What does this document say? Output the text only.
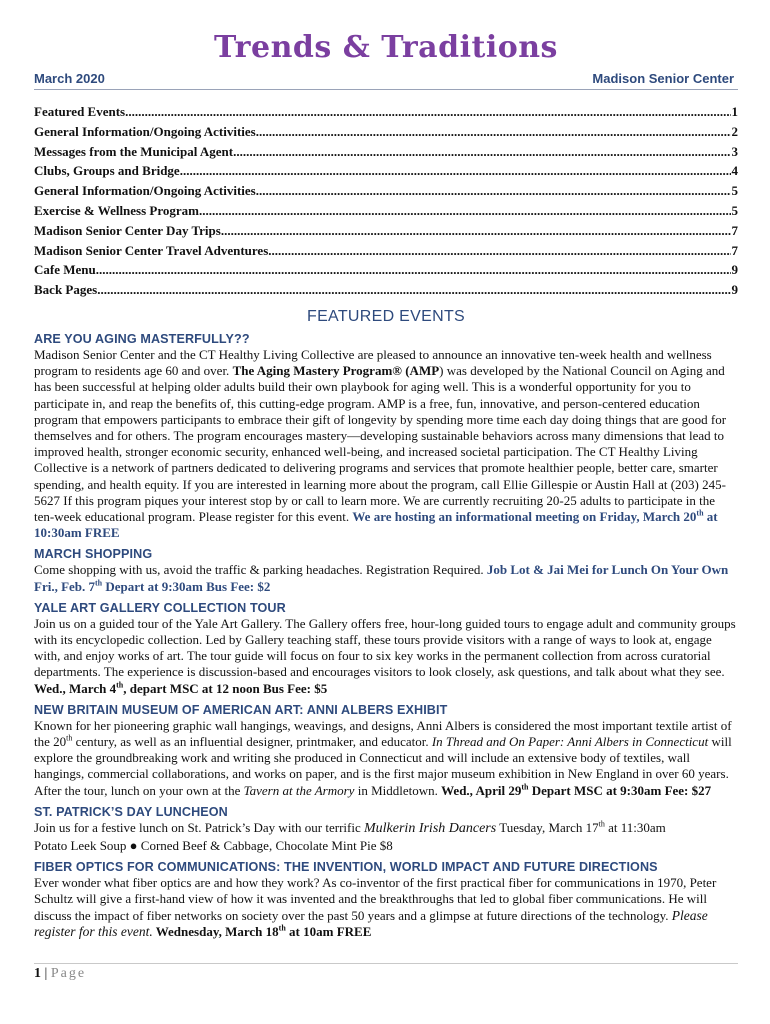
Trends & Traditions
March 2020	Madison Senior Center
Featured Events .....	1
General Information/Ongoing Activities .....	2
Messages from the Municipal Agent .....	3
Clubs, Groups and Bridge .....	4
General Information/Ongoing Activities .....	5
Exercise & Wellness Program .....	5
Madison Senior Center Day Trips .....	7
Madison Senior Center Travel Adventures .....	7
Cafe Menu .....	9
Back Pages .....	9
FEATURED EVENTS
ARE YOU AGING MASTERFULLY??
Madison Senior Center and the CT Healthy Living Collective are pleased to announce an innovative ten-week health and wellness program to residents age 60 and over. The Aging Mastery Program® (AMP) was developed by the National Council on Aging and has been successful at helping older adults build their own playbook for aging well. This is a wonderful opportunity for you to participate in, and reap the benefits of, this cutting-edge program. AMP is a free, fun, innovative, and person-centered education program that empowers participants to embrace their gift of longevity by spending more time each day doing things that are good for themselves and for others. The program encourages mastery—developing sustainable behaviors across many dimensions that lead to improved health, stronger economic security, enhanced well-being, and increased societal participation. The CT Healthy Living Collective is a network of partners dedicated to delivering programs and services that promote healthier people, better care, smarter spending, and health equity. If you are interested in learning more about the program, call Ellie Gillespie or Austin Hall at (203) 245-5627 If this program piques your interest stop by or call to learn more. We are currently recruiting 20-25 adults to participate in the ten-week educational program. Please register for this event. We are hosting an informational meeting on Friday, March 20th at 10:30am FREE
MARCH SHOPPING
Come shopping with us, avoid the traffic & parking headaches. Registration Required. Job Lot & Jai Mei for Lunch On Your Own Fri., Feb. 7th Depart at 9:30am Bus Fee: $2
YALE ART GALLERY COLLECTION TOUR
Join us on a guided tour of the Yale Art Gallery. The Gallery offers free, hour-long guided tours to engage adult and community groups with its encyclopedic collection. Led by Gallery teaching staff, these tours provide visitors with a range of ways to look at, engage with, and enjoy works of art. The tour guide will focus on four to six key works in the permanent collection from across curatorial departments. The experience is discussion-based and encourages visitors to look closely, ask questions, and talk about what they see. Wed., March 4th, depart MSC at 12 noon Bus Fee: $5
NEW BRITAIN MUSEUM OF AMERICAN ART: ANNI ALBERS EXHIBIT
Known for her pioneering graphic wall hangings, weavings, and designs, Anni Albers is considered the most important textile artist of the 20th century, as well as an influential designer, printmaker, and educator. In Thread and On Paper: Anni Albers in Connecticut will explore the groundbreaking work and writing she produced in Connecticut and will include an extensive body of textiles, wall hangings, commercial collaborations, and works on paper, and is the first major museum exhibition in New England in over 60 years. After the tour, lunch on your own at the Tavern at the Armory in Middletown. Wed., April 29th Depart MSC at 9:30am Fee: $27
ST. PATRICK’S DAY LUNCHEON
Join us for a festive lunch on St. Patrick’s Day with our terrific Mulkerin Irish Dancers Tuesday, March 17th at 11:30am
Potato Leek Soup ● Corned Beef & Cabbage, Chocolate Mint Pie $8
FIBER OPTICS FOR COMMUNICATIONS: THE INVENTION, WORLD IMPACT AND FUTURE DIRECTIONS
Ever wonder what fiber optics are and how they work? As co-inventor of the first practical fiber for communications in 1970, Peter Schultz will give a first-hand view of how it was invented and the breakthroughs that led to global fiber communications. He will discuss the impact of fiber networks on society over the past 50 years and a glimpse at future directions of the technology. Please register for this event. Wednesday, March 18th at 10am FREE
1 | Page
